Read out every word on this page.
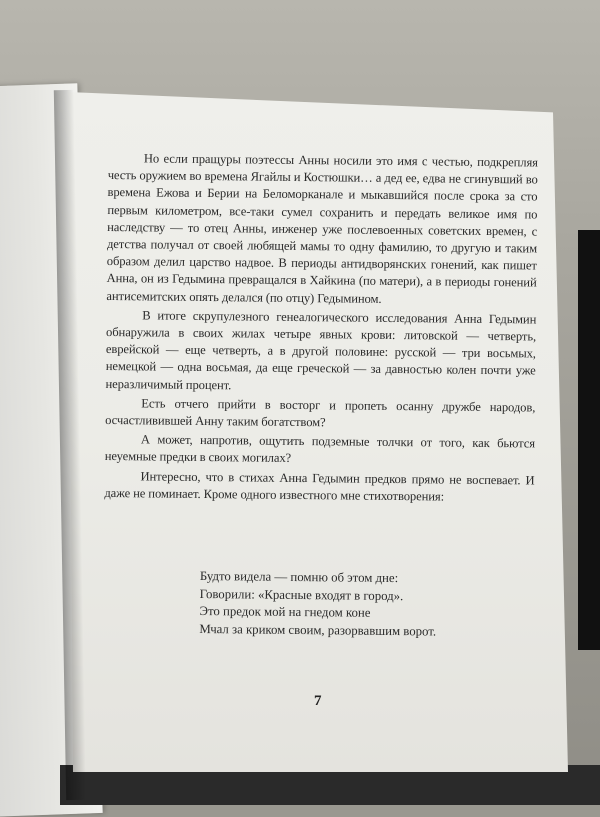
Но если пращуры поэтессы Анны носили это имя с честью, подкрепляя честь оружием во времена Ягайлы и Костюшки… а дед ее, едва не сгинувший во времена Ежова и Берии на Беломорканале и мыкавшийся после срока за сто первым километром, все-таки сумел сохранить и передать великое имя по наследству — то отец Анны, инженер уже послевоенных советских времен, с детства получал от своей любящей мамы то одну фамилию, то другую и таким образом делил царство надвое. В периоды антидворянских гонений, как пишет Анна, он из Гедымина превращался в Хайкина (по матери), а в периоды гонений антисемитских опять делался (по отцу) Гедымином.

В итоге скрупулезного генеалогического исследования Анна Гедымин обнаружила в своих жилах четыре явных крови: литовской — четверть, еврейской — еще четверть, а в другой половине: русской — три восьмых, немецкой — одна восьмая, да еще греческой — за давностью колен почти уже неразличимый процент.

Есть отчего прийти в восторг и пропеть осанну дружбе народов, осчастливившей Анну таким богатством?

А может, напротив, ощутить подземные толчки от того, как бьются неуемные предки в своих могилах?

Интересно, что в стихах Анна Гедымин предков прямо не воспевает. И даже не поминает. Кроме одного известного мне стихотворения:

Будто видела — помню об этом дне:
Говорили: «Красные входят в город».
Это предок мой на гнедом коне
Мчал за криком своим, разорвавшим ворот.
7
